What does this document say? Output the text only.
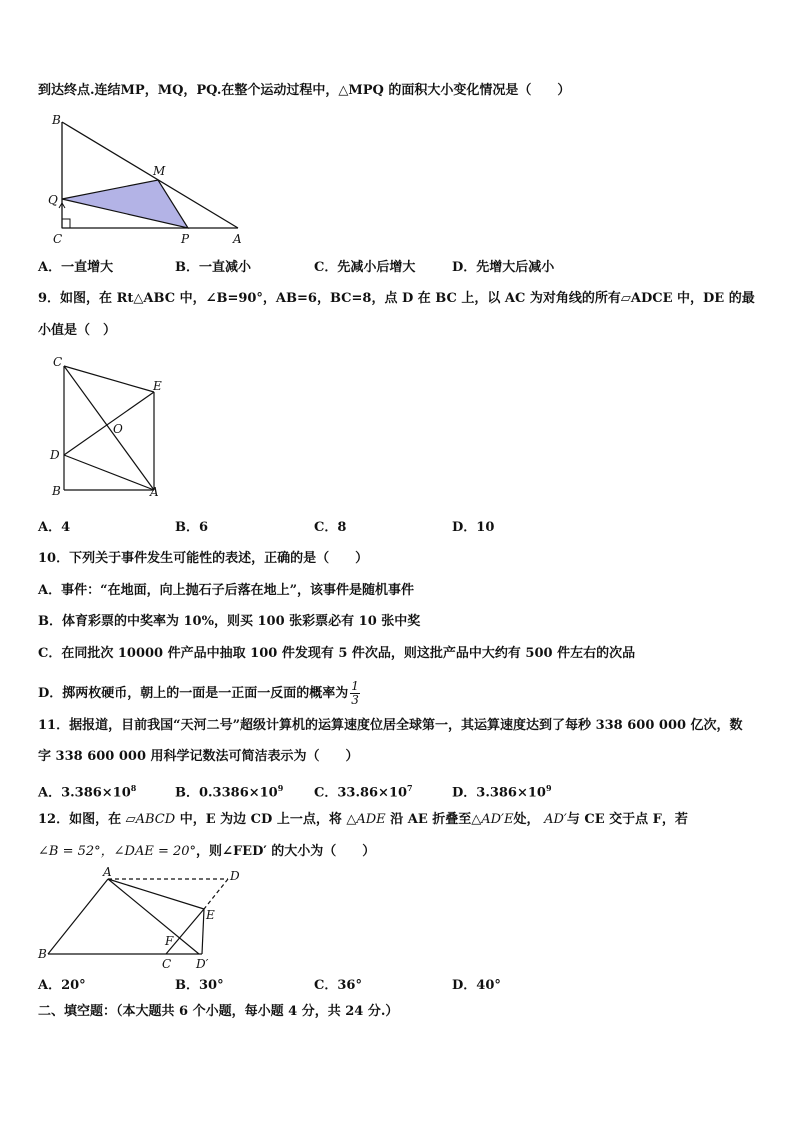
到达终点.连结MP，MQ，PQ.在整个运动过程中，△MPQ 的面积大小变化情况是（　　）
B
M
Q
C	P	A
A．一直增大	B．一直减小	C．先减小后增大	D．先增大后减小
9．如图，在 Rt△ABC 中，∠B=90°，AB=6，BC=8，点 D 在 BC 上，以 AC 为对角线的所有▱ADCE 中，DE 的最
小值是（　）
C
E
O
D
B	A
A．4	B．6	C．8	D．10
10．下列关于事件发生可能性的表述，正确的是（　　）
A．事件：“在地面，向上抛石子后落在地上”，该事件是随机事件
B．体育彩票的中奖率为 10%，则买 100 张彩票必有 10 张中奖
C．在同批次 10000 件产品中抽取 100 件发现有 5 件次品，则这批产品中大约有 500 件左右的次品
D．掷两枚硬币，朝上的一面是一正面一反面的概率为 $\frac{1}{3}$
11．据报道，目前我国“天河二号”超级计算机的运算速度位居全球第一，其运算速度达到了每秒 338 600 000 亿次，数
字 338 600 000 用科学记数法可简洁表示为（　　）
A．$3.386\times 10^8$	B．$0.3386\times 10^9$ C．$33.86\times 10^7$	D．$3.386\times 10^9$
12．如图，在 ▱ABCD 中，E 为边 CD 上一点，将 △ADE 沿 AE 折叠至△AD′E处， AD′与 CE 交于点 F，若
∠B = 52°，∠DAE = 20°，则∠FED′ 的大小为（　　）
A	D
E
F
B
C D′
A．20°	B．30°	C．36°	D．40°
二、填空题：（本大题共 6 个小题，每小题 4 分，共 24 分.）
